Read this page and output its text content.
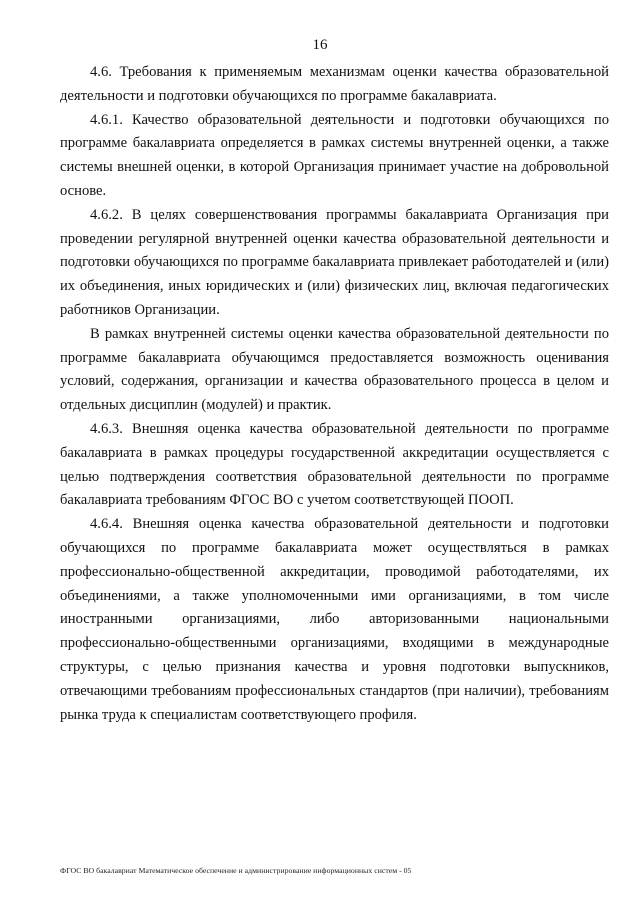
16

4.6. Требования к применяемым механизмам оценки качества образовательной деятельности и подготовки обучающихся по программе бакалавриата.

4.6.1. Качество образовательной деятельности и подготовки обучающихся по программе бакалавриата определяется в рамках системы внутренней оценки, а также системы внешней оценки, в которой Организация принимает участие на добровольной основе.

4.6.2. В целях совершенствования программы бакалавриата Организация при проведении регулярной внутренней оценки качества образовательной деятельности и подготовки обучающихся по программе бакалавриата привлекает работодателей и (или) их объединения, иных юридических и (или) физических лиц, включая педагогических работников Организации.

В рамках внутренней системы оценки качества образовательной деятельности по программе бакалавриата обучающимся предоставляется возможность оценивания условий, содержания, организации и качества образовательного процесса в целом и отдельных дисциплин (модулей) и практик.

4.6.3. Внешняя оценка качества образовательной деятельности по программе бакалавриата в рамках процедуры государственной аккредитации осуществляется с целью подтверждения соответствия образовательной деятельности по программе бакалавриата требованиям ФГОС ВО с учетом соответствующей ПООП.

4.6.4. Внешняя оценка качества образовательной деятельности и подготовки обучающихся по программе бакалавриата может осуществляться в рамках профессионально-общественной аккредитации, проводимой работодателями, их объединениями, а также уполномоченными ими организациями, в том числе иностранными организациями, либо авторизованными национальными профессионально-общественными организациями, входящими в международные структуры, с целью признания качества и уровня подготовки выпускников, отвечающими требованиям профессиональных стандартов (при наличии), требованиям рынка труда к специалистам соответствующего профиля.

ФГОС ВО бакалавриат Математическое обеспечение и администрирование информационных систем - 05
